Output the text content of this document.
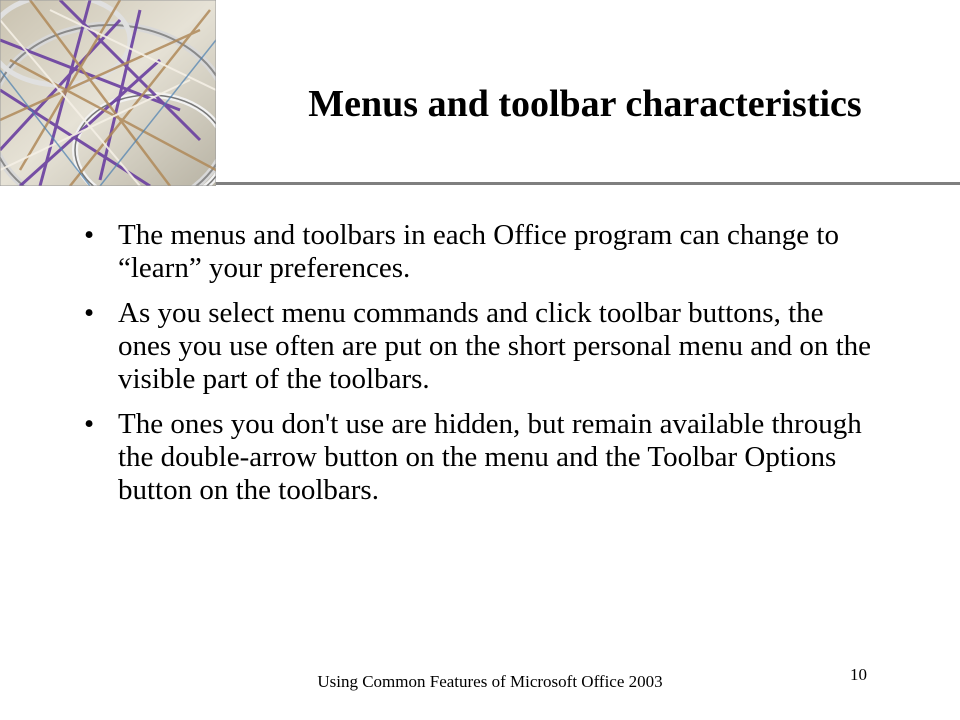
Menus and toolbar characteristics
• The menus and toolbars in each Office program can change to “learn” your preferences.
• As you select menu commands and click toolbar buttons, the ones you use often are put on the short personal menu and on the visible part of the toolbars.
• The ones you don't use are hidden, but remain available through the double-arrow button on the menu and the Toolbar Options button on the toolbars.
Using Common Features of Microsoft Office 2003	10
